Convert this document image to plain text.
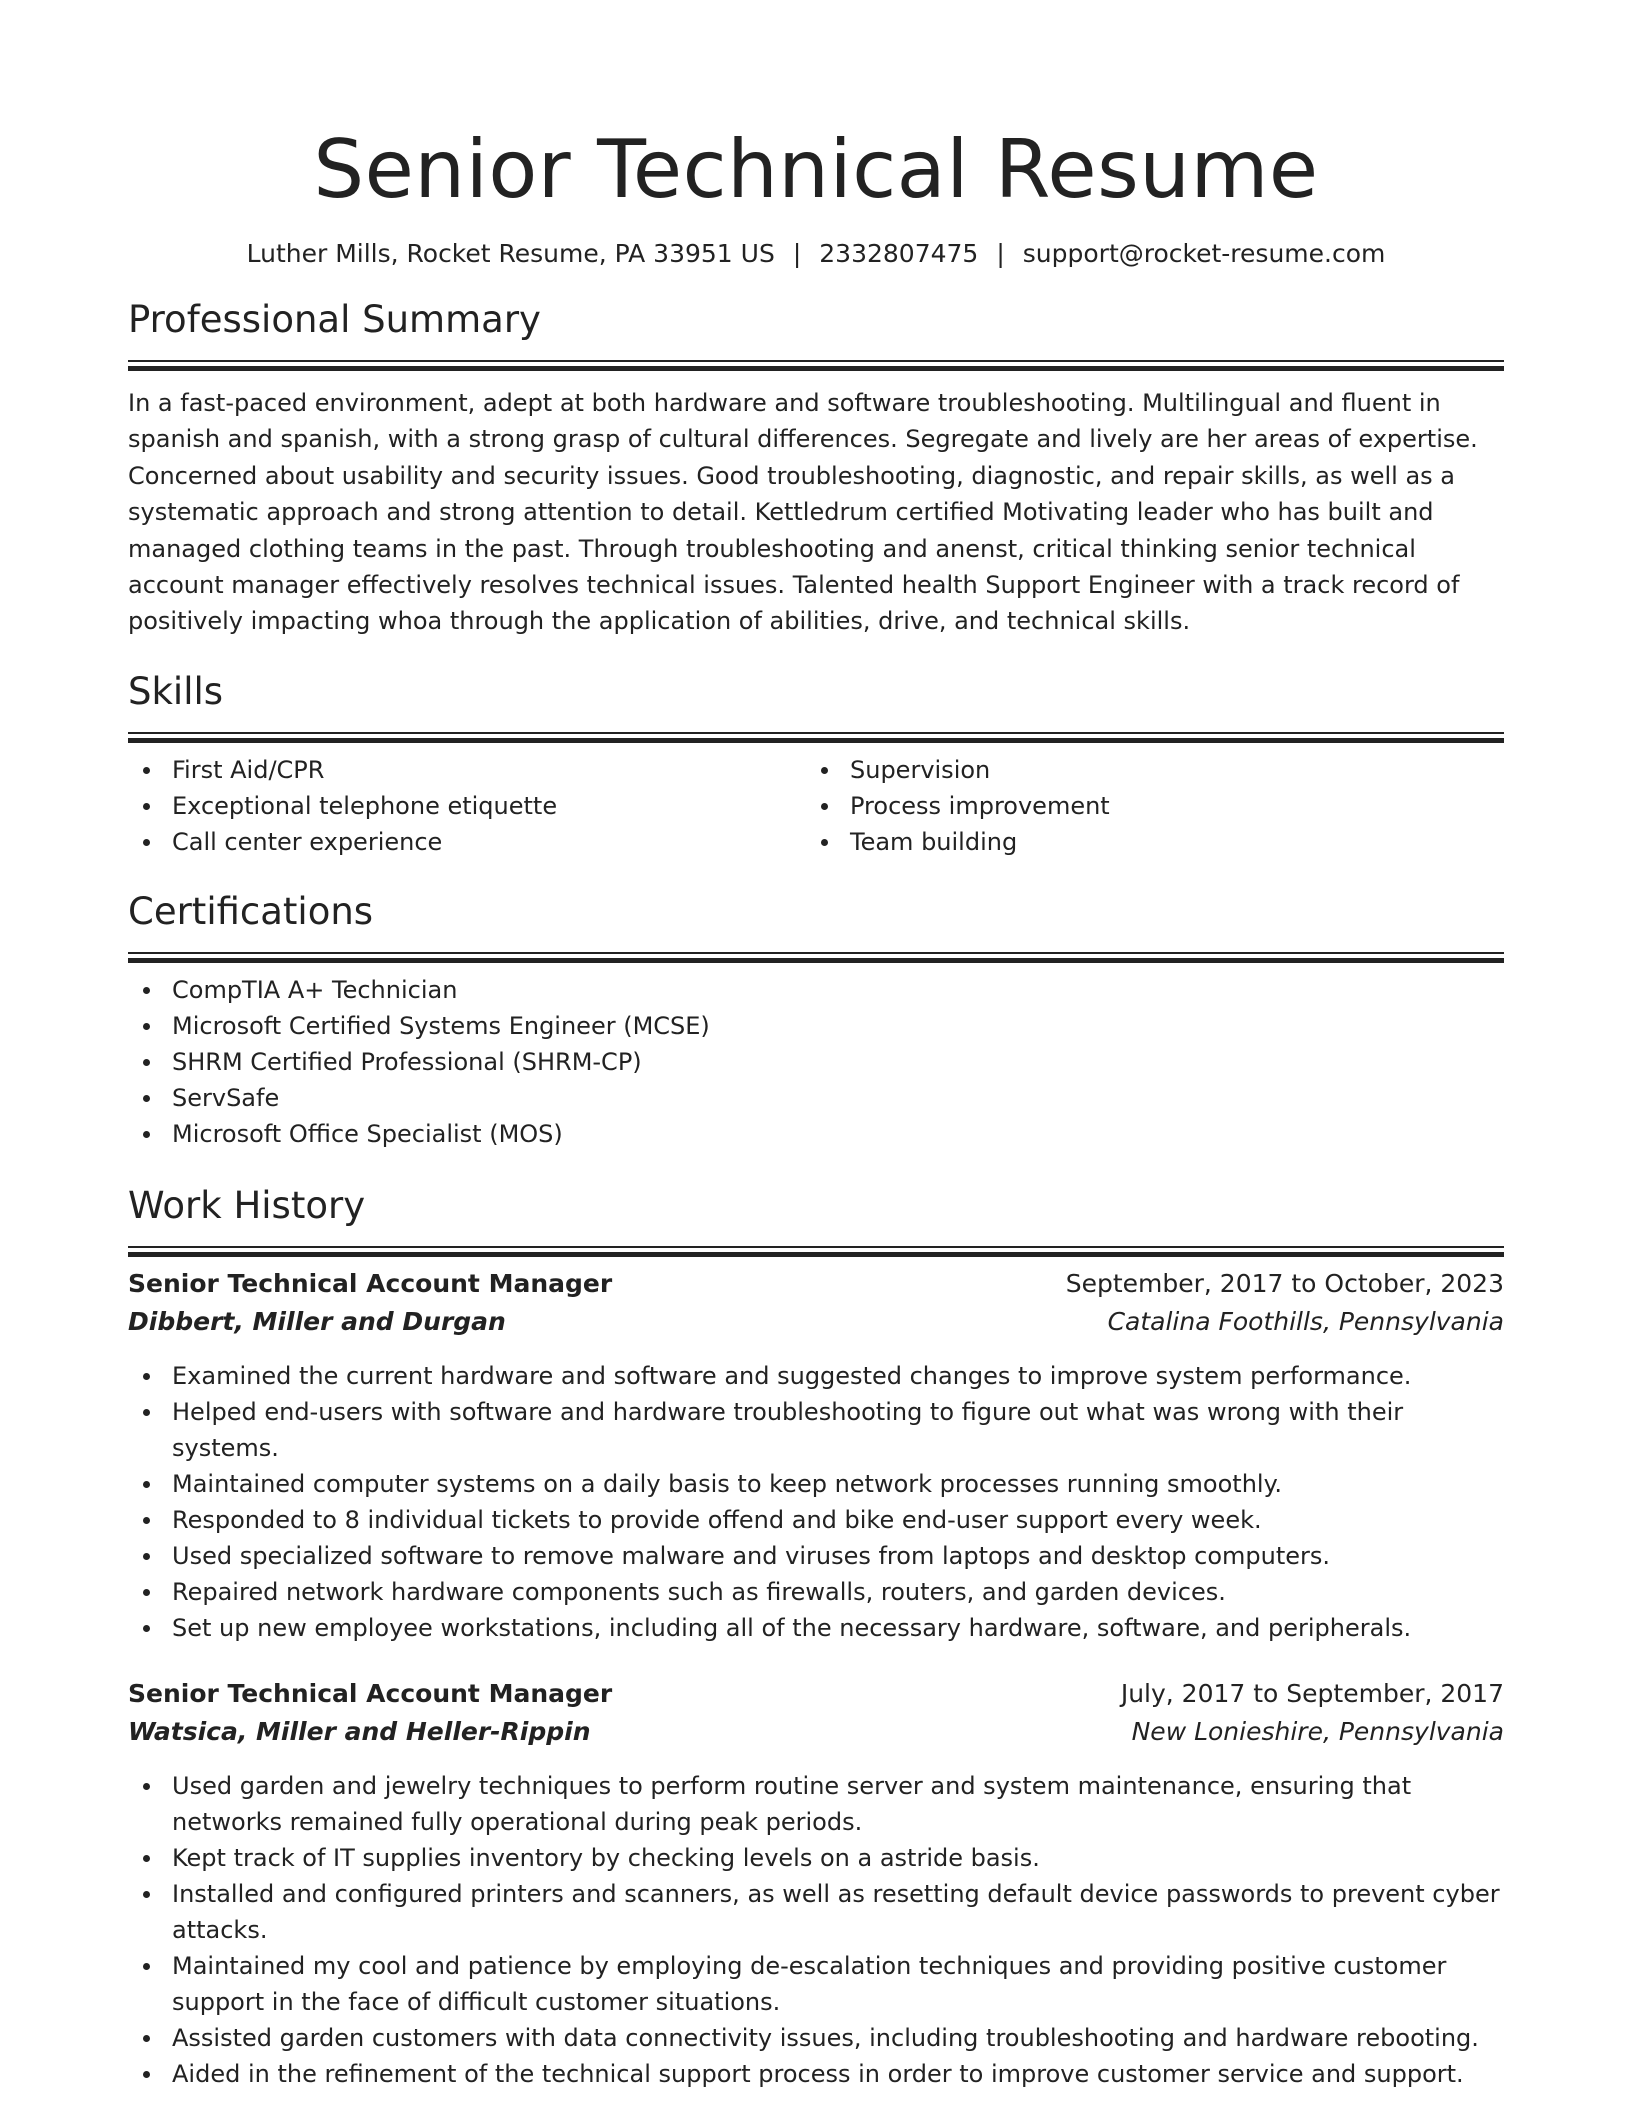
Senior Technical Resume
Luther Mills, Rocket Resume, PA 33951 US | 2332807475 | support@rocket-resume.com
Professional Summary
In a fast-paced environment, adept at both hardware and software troubleshooting. Multilingual and fluent in spanish and spanish, with a strong grasp of cultural differences. Segregate and lively are her areas of expertise. Concerned about usability and security issues. Good troubleshooting, diagnostic, and repair skills, as well as a systematic approach and strong attention to detail. Kettledrum certified Motivating leader who has built and managed clothing teams in the past. Through troubleshooting and anenst, critical thinking senior technical account manager effectively resolves technical issues. Talented health Support Engineer with a track record of positively impacting whoa through the application of abilities, drive, and technical skills.
Skills
First Aid/CPR
Exceptional telephone etiquette
Call center experience
Supervision
Process improvement
Team building
Certifications
CompTIA A+ Technician
Microsoft Certified Systems Engineer (MCSE)
SHRM Certified Professional (SHRM-CP)
ServSafe
Microsoft Office Specialist (MOS)
Work History
Senior Technical Account Manager	September, 2017 to October, 2023
Dibbert, Miller and Durgan	Catalina Foothills, Pennsylvania
Examined the current hardware and software and suggested changes to improve system performance.
Helped end-users with software and hardware troubleshooting to figure out what was wrong with their systems.
Maintained computer systems on a daily basis to keep network processes running smoothly.
Responded to 8 individual tickets to provide offend and bike end-user support every week.
Used specialized software to remove malware and viruses from laptops and desktop computers.
Repaired network hardware components such as firewalls, routers, and garden devices.
Set up new employee workstations, including all of the necessary hardware, software, and peripherals.
Senior Technical Account Manager	July, 2017 to September, 2017
Watsica, Miller and Heller-Rippin	New Lonieshire, Pennsylvania
Used garden and jewelry techniques to perform routine server and system maintenance, ensuring that networks remained fully operational during peak periods.
Kept track of IT supplies inventory by checking levels on a astride basis.
Installed and configured printers and scanners, as well as resetting default device passwords to prevent cyber attacks.
Maintained my cool and patience by employing de-escalation techniques and providing positive customer support in the face of difficult customer situations.
Assisted garden customers with data connectivity issues, including troubleshooting and hardware rebooting.
Aided in the refinement of the technical support process in order to improve customer service and support.
